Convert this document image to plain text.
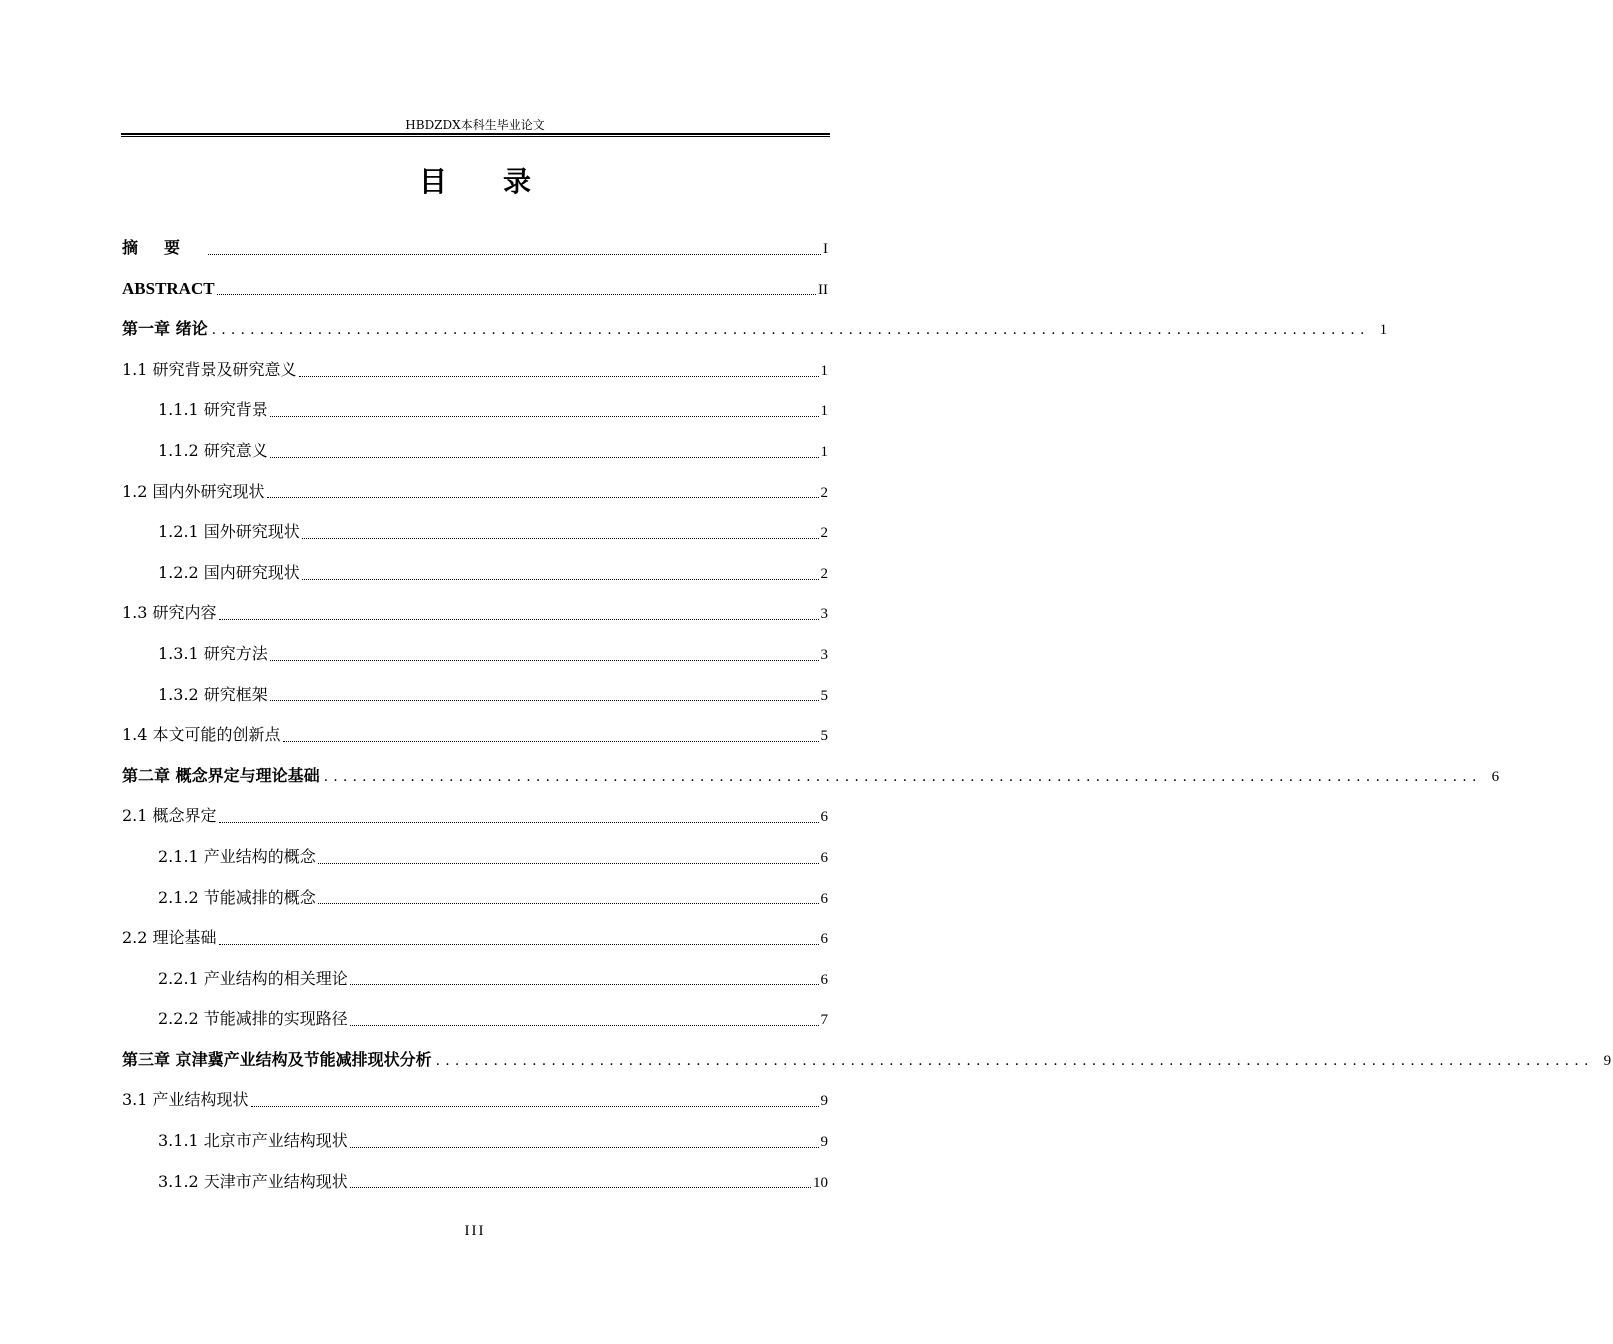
HBDZDX本科生毕业论文
目录
摘要	I
ABSTRACT	II
第一章 绪论 ........................................................................................................................ 1
1.1 研究背景及研究意义	1
1.1.1 研究背景	1
1.1.2 研究意义	1
1.2 国内外研究现状	2
1.2.1 国外研究现状	2
1.2.2 国内研究现状	2
1.3 研究内容	3
1.3.1 研究方法	3
1.3.2 研究框架	5
1.4 本文可能的创新点	5
第二章 概念界定与理论基础 ........................................................................................................................ 6
2.1 概念界定	6
2.1.1 产业结构的概念	6
2.1.2 节能减排的概念	6
2.2 理论基础	6
2.2.1 产业结构的相关理论	6
2.2.2 节能减排的实现路径	7
第三章 京津冀产业结构及节能减排现状分析 ........................................................................................................................ 9
3.1 产业结构现状	9
3.1.1 北京市产业结构现状	9
3.1.2 天津市产业结构现状	10
III
